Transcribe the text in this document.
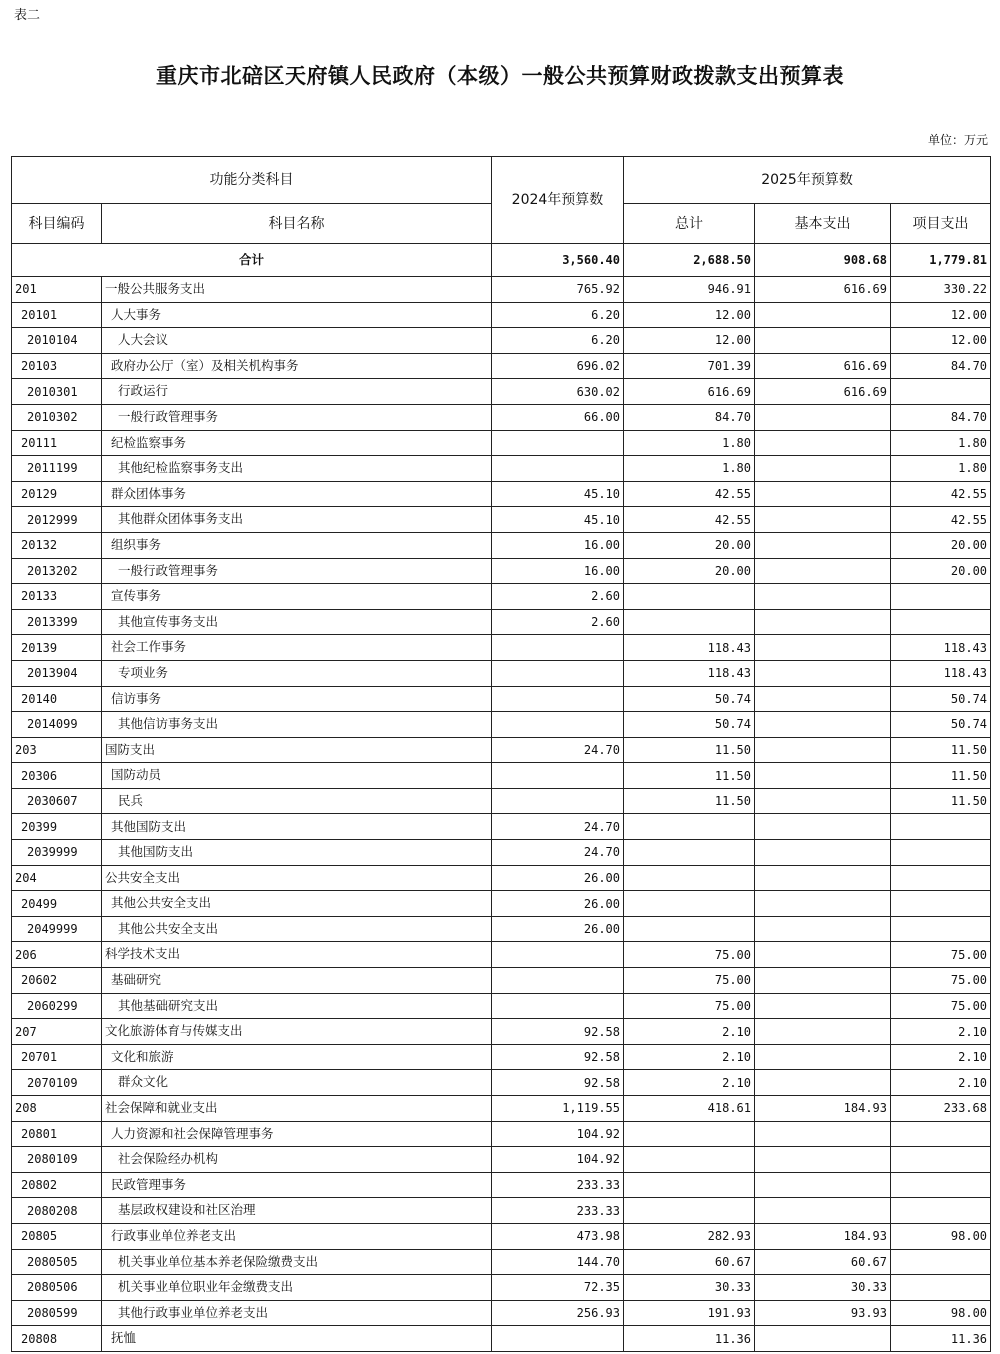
表二
重庆市北碚区天府镇人民政府（本级）一般公共预算财政拨款支出预算表
单位：万元
功能分类科目		2024年预算数	2025年预算数		
科目编码	科目名称		总计	基本支出	项目支出
合计		3,560.40	2,688.50	908.68	1,779.81
201	一般公共服务支出	765.92	946.91	616.69	330.22
20101	人大事务	6.20	12.00		12.00
2010104	人大会议	6.20	12.00		12.00
20103	政府办公厅（室）及相关机构事务	696.02	701.39	616.69	84.70
2010301	行政运行	630.02	616.69	616.69	
2010302	一般行政管理事务	66.00	84.70		84.70
20111	纪检监察事务		1.80		1.80
2011199	其他纪检监察事务支出		1.80		1.80
20129	群众团体事务	45.10	42.55		42.55
2012999	其他群众团体事务支出	45.10	42.55		42.55
20132	组织事务	16.00	20.00		20.00
2013202	一般行政管理事务	16.00	20.00		20.00
20133	宣传事务	2.60			
2013399	其他宣传事务支出	2.60			
20139	社会工作事务		118.43		118.43
2013904	专项业务		118.43		118.43
20140	信访事务		50.74		50.74
2014099	其他信访事务支出		50.74		50.74
203	国防支出	24.70	11.50		11.50
20306	国防动员		11.50		11.50
2030607	民兵		11.50		11.50
20399	其他国防支出	24.70			
2039999	其他国防支出	24.70			
204	公共安全支出	26.00			
20499	其他公共安全支出	26.00			
2049999	其他公共安全支出	26.00			
206	科学技术支出		75.00		75.00
20602	基础研究		75.00		75.00
2060299	其他基础研究支出		75.00		75.00
207	文化旅游体育与传媒支出	92.58	2.10		2.10
20701	文化和旅游	92.58	2.10		2.10
2070109	群众文化	92.58	2.10		2.10
208	社会保障和就业支出	1,119.55	418.61	184.93	233.68
20801	人力资源和社会保障管理事务	104.92			
2080109	社会保险经办机构	104.92			
20802	民政管理事务	233.33			
2080208	基层政权建设和社区治理	233.33			
20805	行政事业单位养老支出	473.98	282.93	184.93	98.00
2080505	机关事业单位基本养老保险缴费支出	144.70	60.67	60.67	
2080506	机关事业单位职业年金缴费支出	72.35	30.33	30.33	
2080599	其他行政事业单位养老支出	256.93	191.93	93.93	98.00
20808	抚恤		11.36		11.36
